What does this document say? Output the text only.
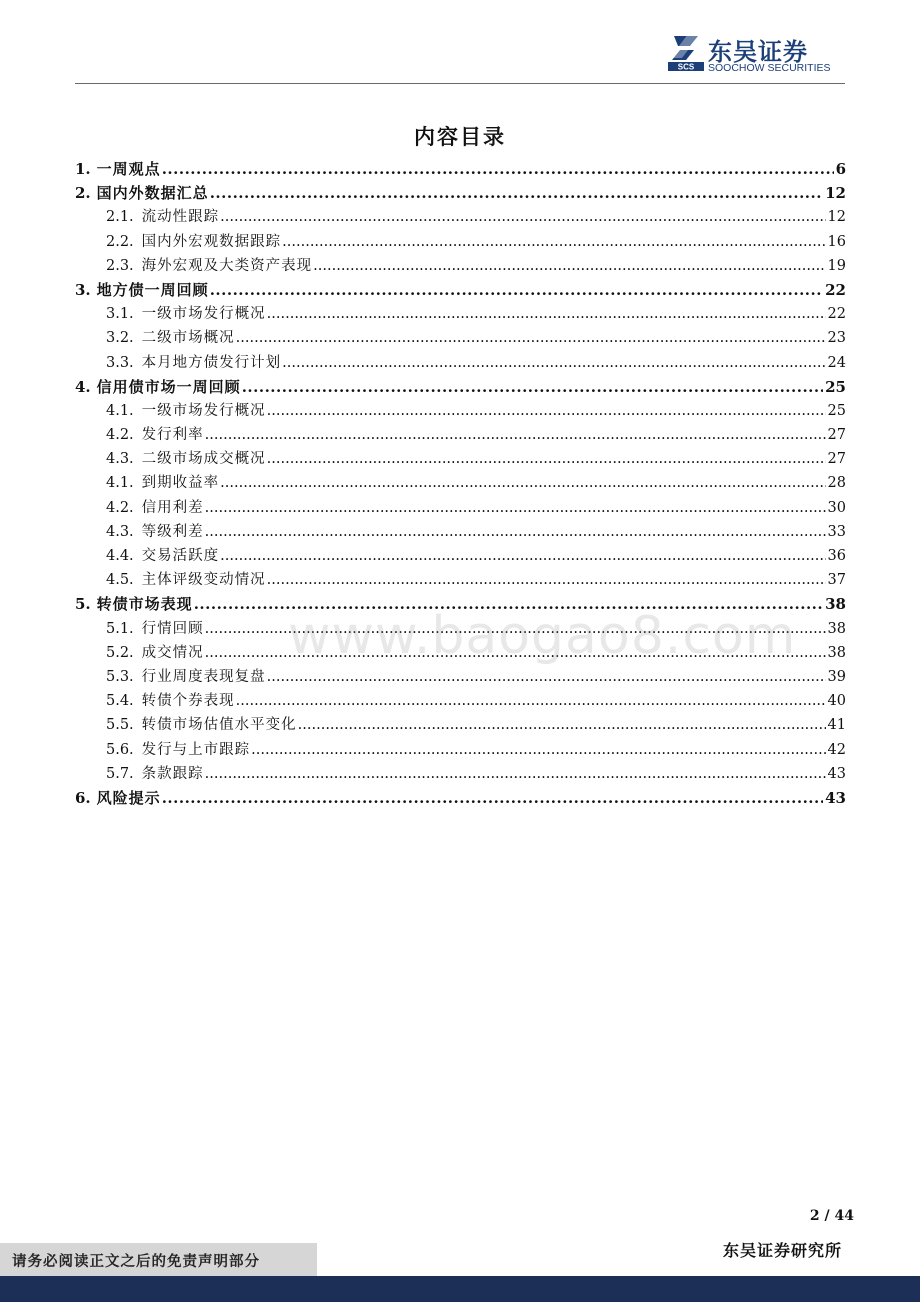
SCS
东吴证券
SOOCHOW SECURITIES
内容目录
1. 一周观点 .....	6
2. 国内外数据汇总 .....	12
2.1. 流动性跟踪 .....	12
2.2. 国内外宏观数据跟踪 .....	16
2.3. 海外宏观及大类资产表现 .....	19
3. 地方债一周回顾 .....	22
3.1. 一级市场发行概况 .....	22
3.2. 二级市场概况 .....	23
3.3. 本月地方债发行计划 .....	24
4. 信用债市场一周回顾 .....	25
4.1. 一级市场发行概况 .....	25
4.2. 发行利率 .....	27
4.3. 二级市场成交概况 .....	27
4.1. 到期收益率 .....	28
4.2. 信用利差 .....	30
4.3. 等级利差 .....	33
4.4. 交易活跃度 .....	36
4.5. 主体评级变动情况 .....	37
5. 转债市场表现 .....	38
5.1. 行情回顾 .....	38
5.2. 成交情况 .....	38
5.3. 行业周度表现复盘 .....	39
5.4. 转债个券表现 .....	40
5.5. 转债市场估值水平变化 .....	41
5.6. 发行与上市跟踪 .....	42
5.7. 条款跟踪 .....	43
6. 风险提示 .....	43
www.baogao8.com
2 / 44
东吴证券研究所
请务必阅读正文之后的免责声明部分
